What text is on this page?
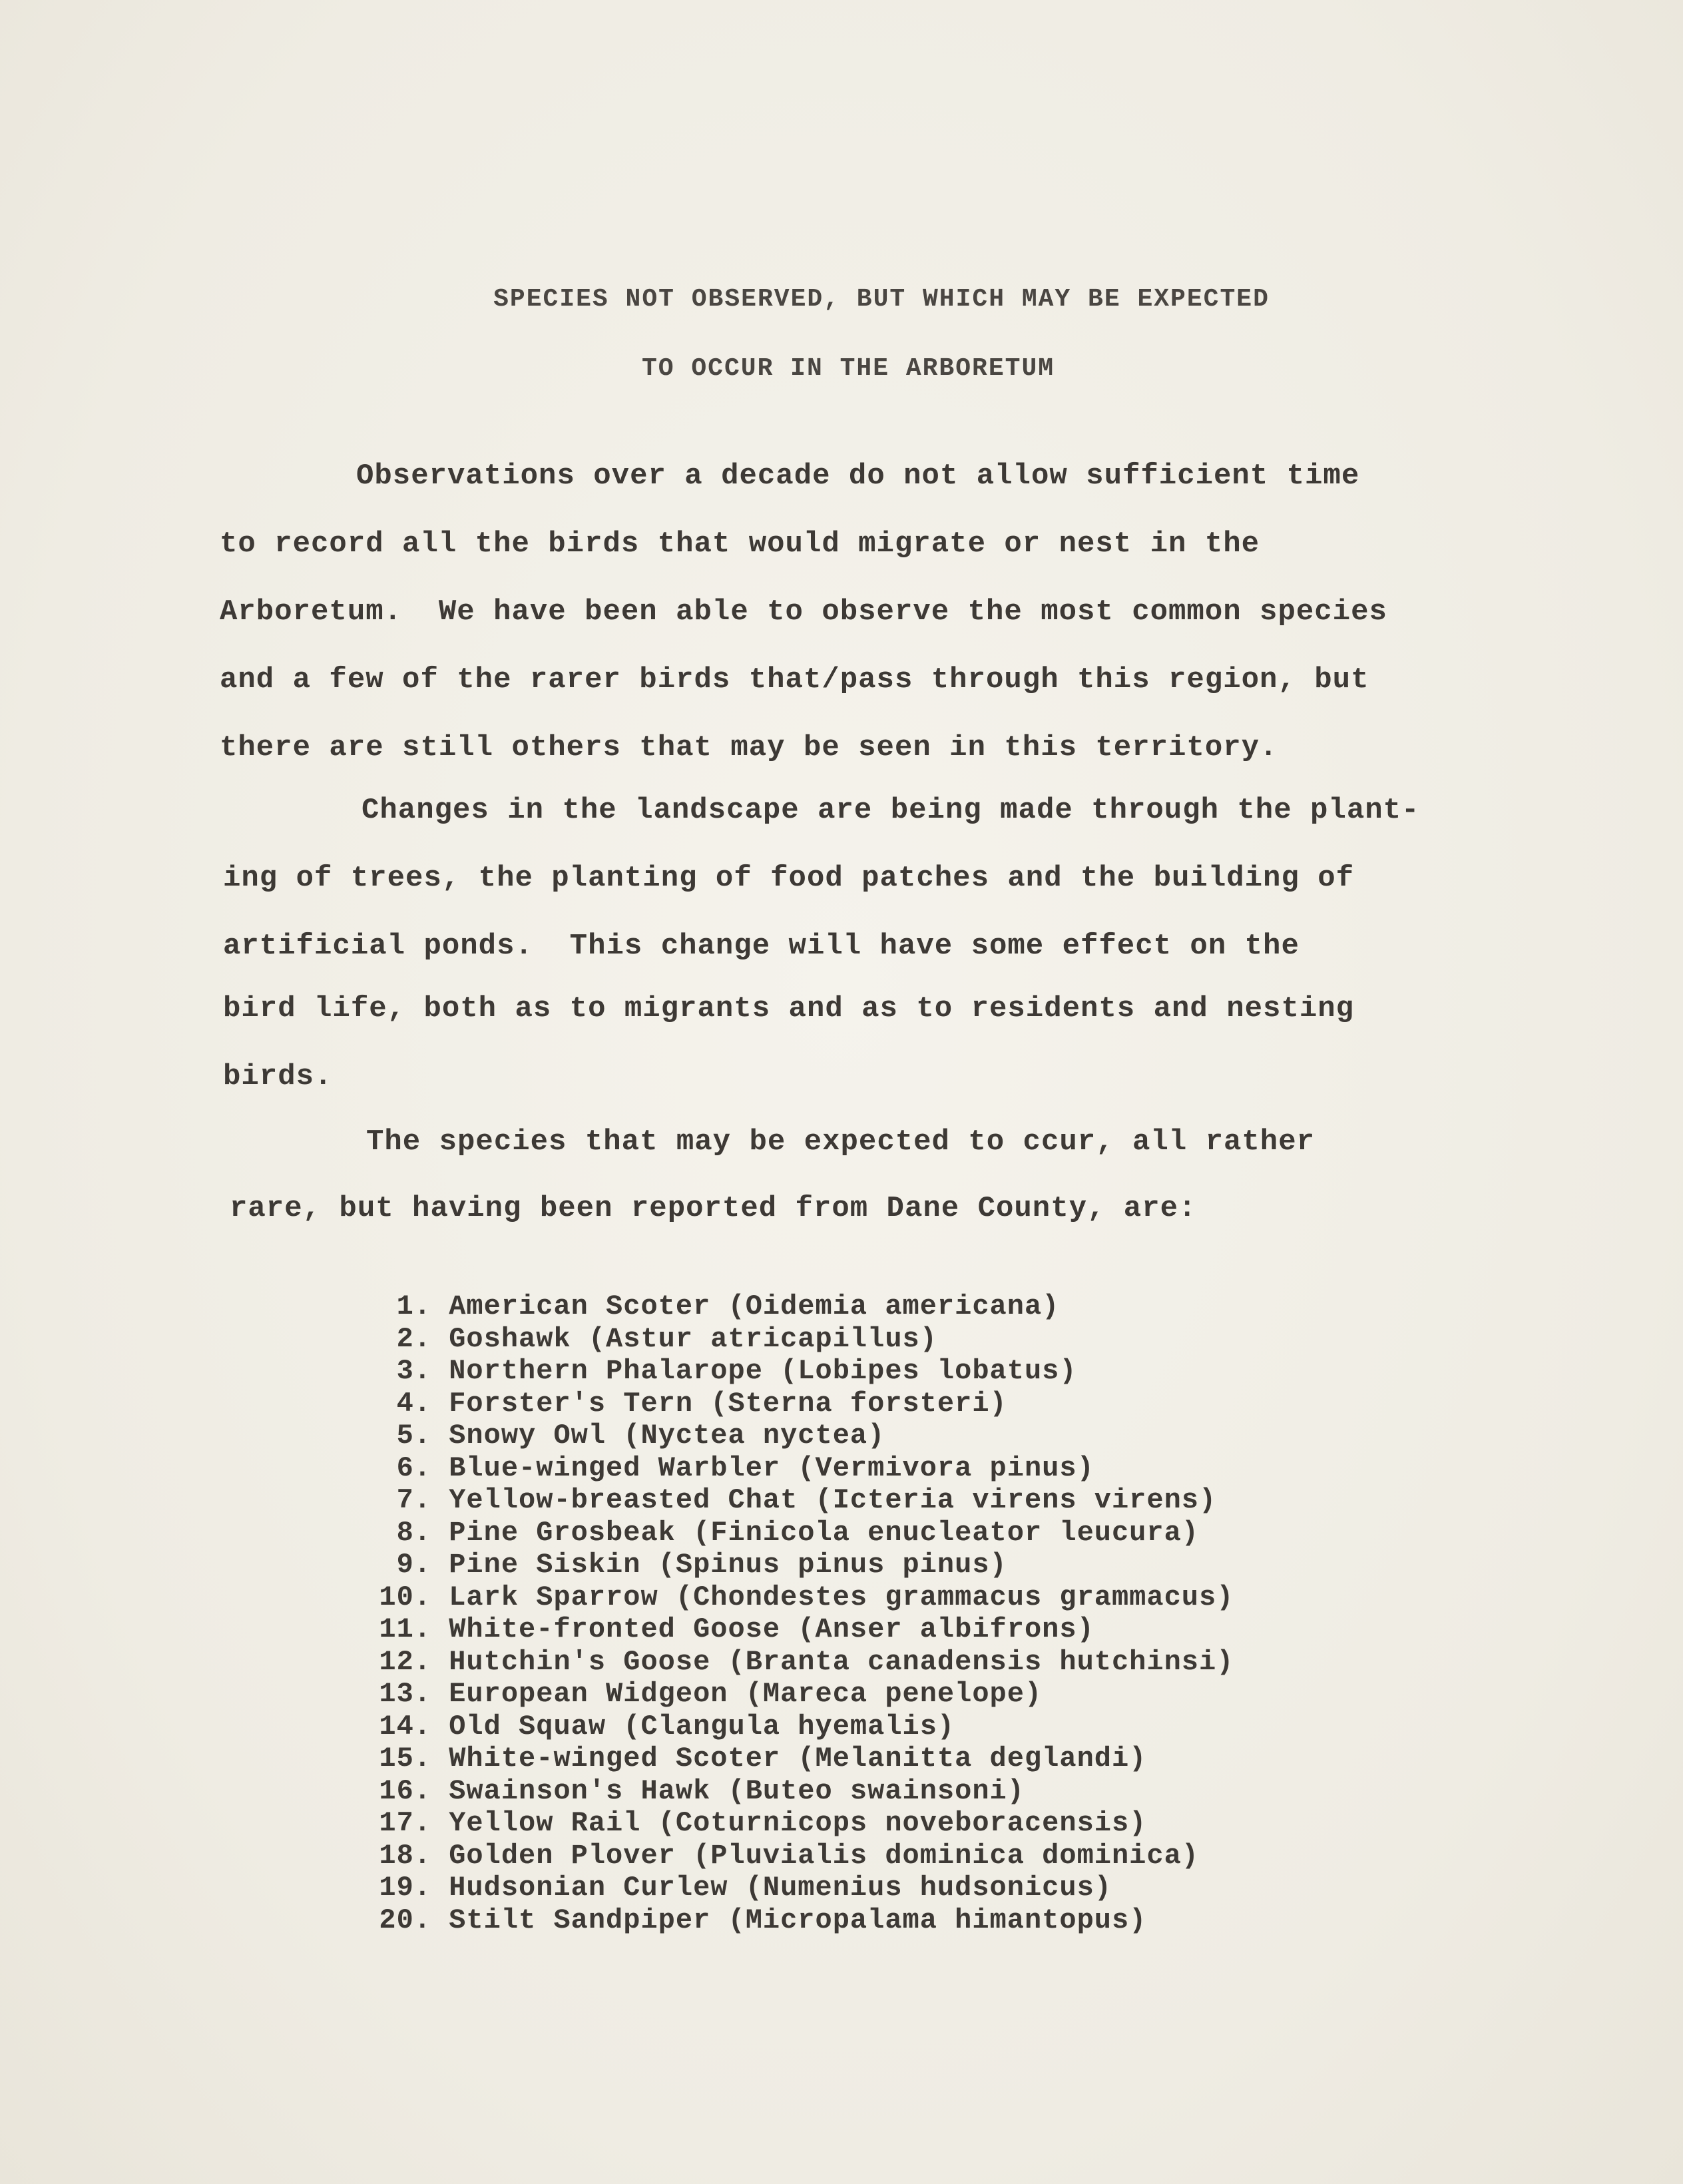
SPECIES NOT OBSERVED, BUT WHICH MAY BE EXPECTED
TO OCCUR IN THE ARBORETUM
Observations over a decade do not allow sufficient time
to record all the birds that would migrate or nest in the
Arboretum.  We have been able to observe the most common species
and a few of the rarer birds that/pass through this region, but
there are still others that may be seen in this territory.
Changes in the landscape are being made through the plant-
ing of trees, the planting of food patches and the building of
artificial ponds.  This change will have some effect on the
bird life, both as to migrants and as to residents and nesting
birds.
The species that may be expected to ccur, all rather
rare, but having been reported from Dane County, are:
1. American Scoter (Oidemia americana)
2. Goshawk (Astur atricapillus)
3. Northern Phalarope (Lobipes lobatus)
4. Forster's Tern (Sterna forsteri)
5. Snowy Owl (Nyctea nyctea)
6. Blue-winged Warbler (Vermivora pinus)
7. Yellow-breasted Chat (Icteria virens virens)
8. Pine Grosbeak (Finicola enucleator leucura)
9. Pine Siskin (Spinus pinus pinus)
10. Lark Sparrow (Chondestes grammacus grammacus)
11. White-fronted Goose (Anser albifrons)
12. Hutchin's Goose (Branta canadensis hutchinsi)
13. European Widgeon (Mareca penelope)
14. Old Squaw (Clangula hyemalis)
15. White-winged Scoter (Melanitta deglandi)
16. Swainson's Hawk (Buteo swainsoni)
17. Yellow Rail (Coturnicops noveboracensis)
18. Golden Plover (Pluvialis dominica dominica)
19. Hudsonian Curlew (Numenius hudsonicus)
20. Stilt Sandpiper (Micropalama himantopus)
